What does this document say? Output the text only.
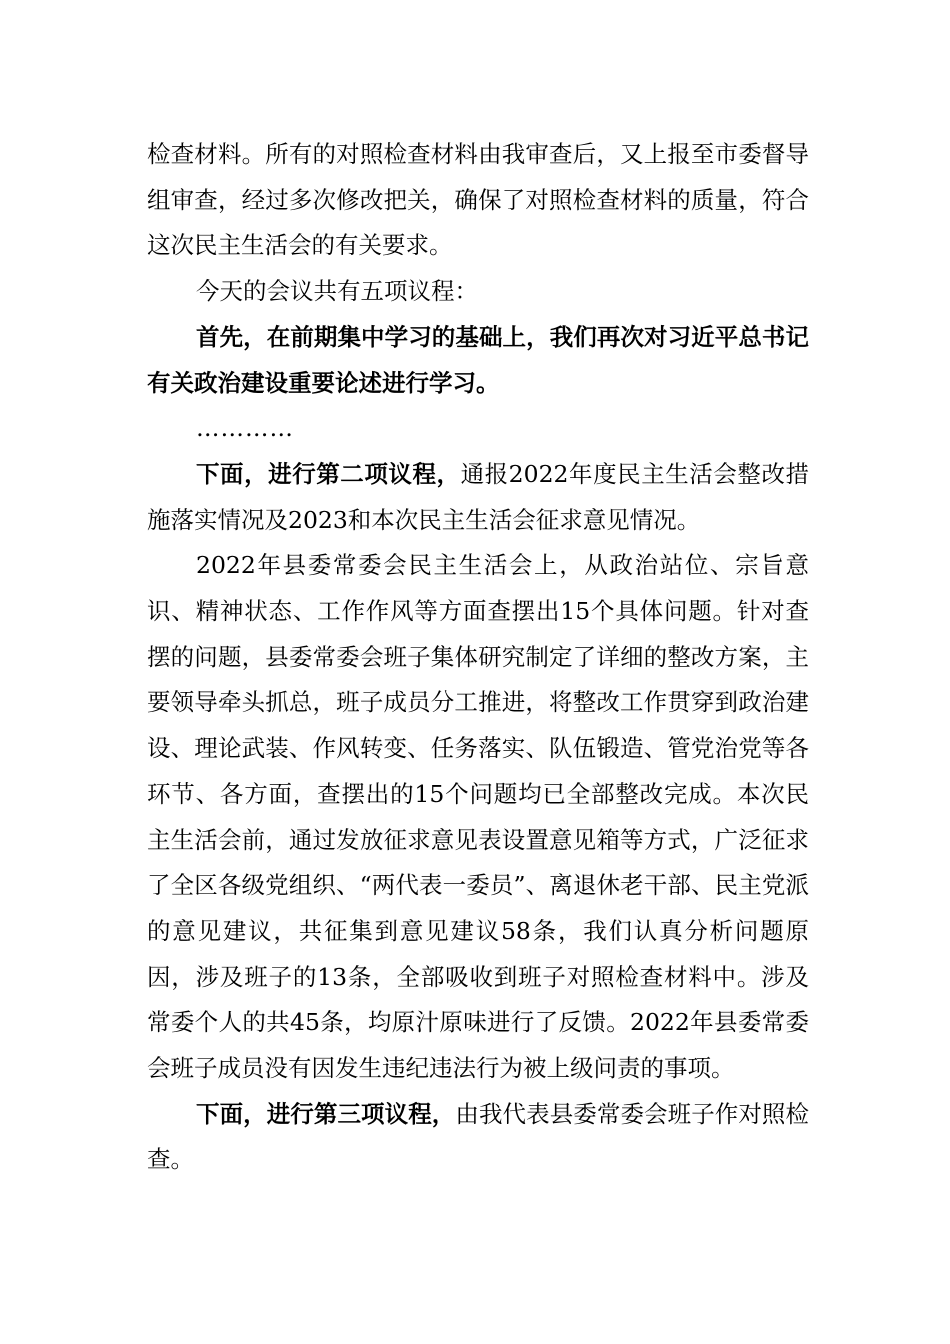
检查材料。所有的对照检查材料由我审查后，又上报至市委督导组审查，经过多次修改把关，确保了对照检查材料的质量，符合这次民主生活会的有关要求。

今天的会议共有五项议程：

首先，在前期集中学习的基础上，我们再次对习近平总书记有关政治建设重要论述进行学习。

…………

下面，进行第二项议程，通报2022年度民主生活会整改措施落实情况及2023和本次民主生活会征求意见情况。

2022年县委常委会民主生活会上，从政治站位、宗旨意识、精神状态、工作作风等方面查摆出15个具体问题。针对查摆的问题，县委常委会班子集体研究制定了详细的整改方案，主要领导牵头抓总，班子成员分工推进，将整改工作贯穿到政治建设、理论武装、作风转变、任务落实、队伍锻造、管党治党等各环节、各方面，查摆出的15个问题均已全部整改完成。本次民主生活会前，通过发放征求意见表设置意见箱等方式，广泛征求了全区各级党组织、“两代表一委员”、离退休老干部、民主党派的意见建议，共征集到意见建议58条，我们认真分析问题原因，涉及班子的13条，全部吸收到班子对照检查材料中。涉及常委个人的共45条，均原汁原味进行了反馈。2022年县委常委会班子成员没有因发生违纪违法行为被上级问责的事项。

下面，进行第三项议程，由我代表县委常委会班子作对照检查。
